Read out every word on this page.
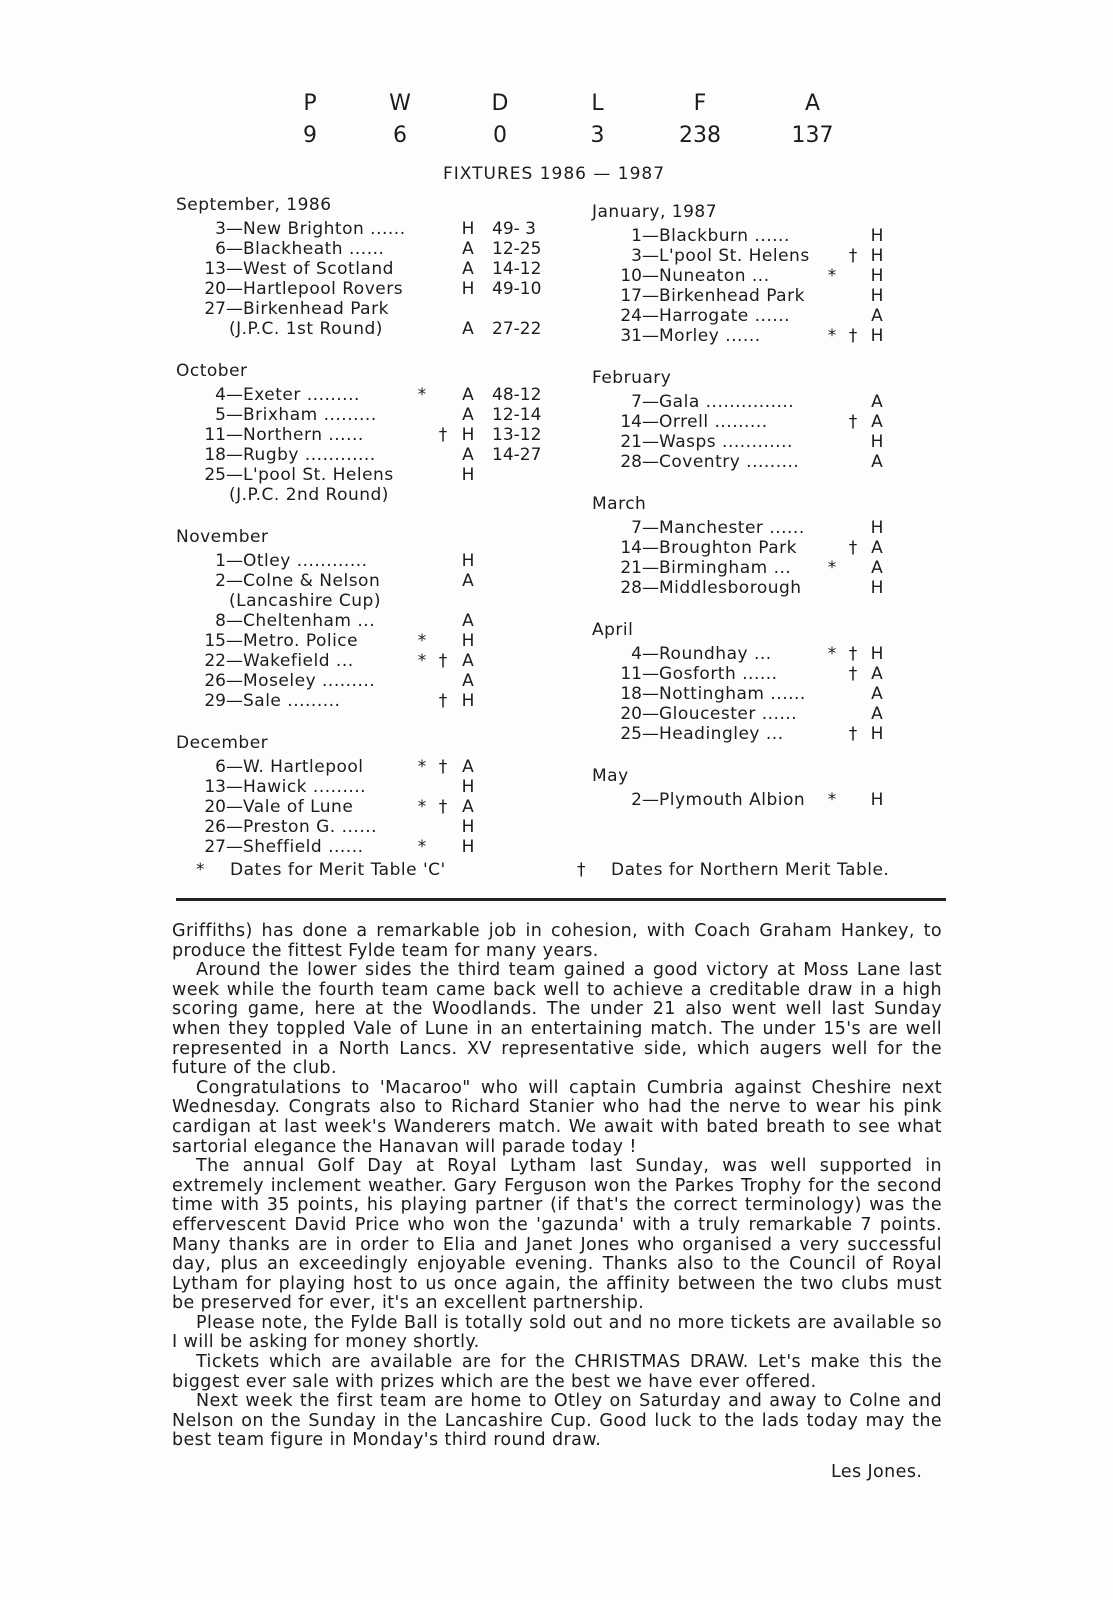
P	W	D	L	F	A
9	6	0	3	238	137
FIXTURES 1986 — 1987
September, 1986
3 — New Brighton ......	H	49- 3
6 — Blackheath ......	A	12-25
13 — West of Scotland	A	14-12
20 — Hartlepool Rovers	H	49-10
27 — Birkenhead Park
(J.P.C. 1st Round)	A	27-22
October
4 — Exeter .........	*	A	48-12
5 — Brixham .........	A	12-14
11 — Northern ......	† H	13-12
18 — Rugby ............	A	14-27
25 — L'pool St. Helens	H
(J.P.C. 2nd Round)
November
1 — Otley ............	H
2 — Colne & Nelson	A
(Lancashire Cup)
8 — Cheltenham ...	A
15 — Metro. Police	*	H
22 — Wakefield ...	* † A
26 — Moseley .........	A
29 — Sale .........	† H
December
6 — W. Hartlepool	* † A
13 — Hawick .........	H
20 — Vale of Lune	* † A
26 — Preston G. ......	H
27 — Sheffield ......	*	H
January, 1987
1 — Blackburn ......	H
3 — L'pool St. Helens	† H
10 — Nuneaton ...	*	H
17 — Birkenhead Park	H
24 — Harrogate ......	A
31 — Morley ......	* † H
February
7 — Gala ...............	A
14 — Orrell .........	† A
21 — Wasps ............	H
28 — Coventry .........	A
March
7 — Manchester ......	H
14 — Broughton Park	† A
21 — Birmingham ...	*	A
28 — Middlesborough	H
April
4 — Roundhay ...	* † H
11 — Gosforth ......	† A
18 — Nottingham ......	A
20 — Gloucester ......	A
25 — Headingley ...	† H
May
2 — Plymouth Albion	*	H
* Dates for Merit Table 'C'	† Dates for Northern Merit Table.

Griffiths) has done a remarkable job in cohesion, with Coach Graham Hankey, to produce the fittest Fylde team for many years.

Around the lower sides the third team gained a good victory at Moss Lane last week while the fourth team came back well to achieve a creditable draw in a high scoring game, here at the Woodlands. The under 21 also went well last Sunday when they toppled Vale of Lune in an entertaining match. The under 15's are well represented in a North Lancs. XV representative side, which augers well for the future of the club.

Congratulations to 'Macaroo" who will captain Cumbria against Cheshire next Wednesday. Congrats also to Richard Stanier who had the nerve to wear his pink cardigan at last week's Wanderers match. We await with bated breath to see what sartorial elegance the Hanavan will parade today !

The annual Golf Day at Royal Lytham last Sunday, was well supported in extremely inclement weather. Gary Ferguson won the Parkes Trophy for the second time with 35 points, his playing partner (if that's the correct terminology) was the effervescent David Price who won the 'gazunda' with a truly remarkable 7 points. Many thanks are in order to Elia and Janet Jones who organised a very successful day, plus an exceedingly enjoyable evening. Thanks also to the Council of Royal Lytham for playing host to us once again, the affinity between the two clubs must be preserved for ever, it's an excellent partnership.

Please note, the Fylde Ball is totally sold out and no more tickets are available so I will be asking for money shortly.

Tickets which are available are for the CHRISTMAS DRAW. Let's make this the biggest ever sale with prizes which are the best we have ever offered.

Next week the first team are home to Otley on Saturday and away to Colne and Nelson on the Sunday in the Lancashire Cup. Good luck to the lads today may the best team figure in Monday's third round draw.

Les Jones.
